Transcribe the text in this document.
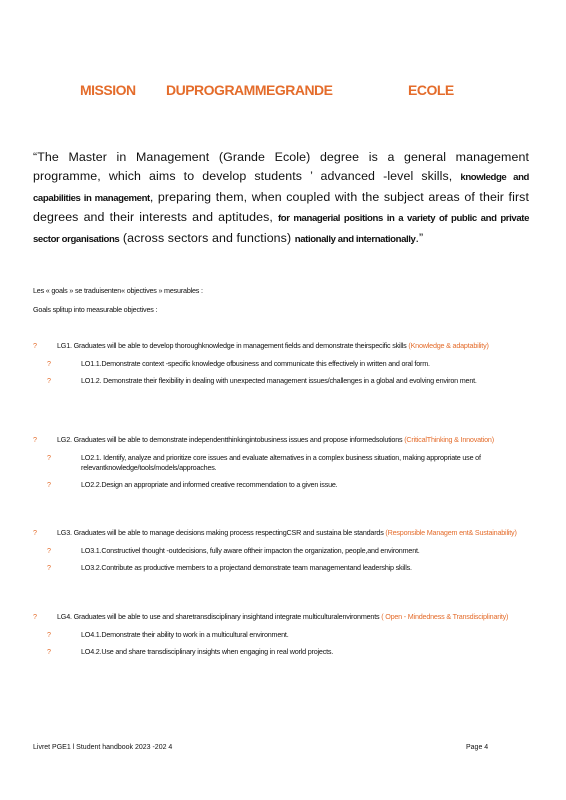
MISSION DUPROGRAMMEGRANDE	ECOLE
“The Master in Management (Grande Ecole) degree is a general management programme, which aims to develop students ’ advanced -level skills, knowledge and capabilities in management, preparing them, when coupled with the subject areas of their first degrees and their interests and aptitudes, for managerial positions in a variety of public and private sector organisations (across sectors and functions) nationally and internationally.”
Les « goals » se traduisenten« objectives » mesurables :
Goals splitup into measurable objectives :
?	LG1. Graduates will be able to develop thoroughknowledge in management fields and demonstrate theirspecific skills (Knowledge & adaptability)
?	LO1.1.Demonstrate context -specific knowledge ofbusiness and communicate this effectively in written and oral form.
?	LO1.2. Demonstrate their flexibility in dealing with unexpected management issues/challenges in a global and evolving environ ment.
?	LG2. Graduates will be able to demonstrate independentthinkingintobusiness issues and propose informedsolutions (CriticalThinking & Innovation)
?	LO2.1. Identify, analyze and prioritize core issues and evaluate alternatives in a complex business situation, making appropriate use of relevantknowledge/tools/models/approaches.
?	LO2.2.Design an appropriate and informed creative recommendation to a given issue.
?	LG3. Graduates will be able to manage decisions making process respectingCSR and sustaina ble standards (Responsible Managem ent& Sustainability)
?	LO3.1.Constructivel thought -outdecisions, fully aware oftheir impacton the organization, people,and environment.
?	LO3.2.Contribute as productive members to a projectand demonstrate team managementand leadership skills.
?	LG4. Graduates will be able to use and sharetransdisciplinary insightand integrate multiculturalenvironments ( Open - Mindedness & Transdisciplinarity)
?	LO4.1.Demonstrate their ability to work in a multicultural environment.
?	LO4.2.Use and share transdisciplinary insights when engaging in real world projects.
Livret PGE1 l Student handbook 2023 -202 4	Page 4
